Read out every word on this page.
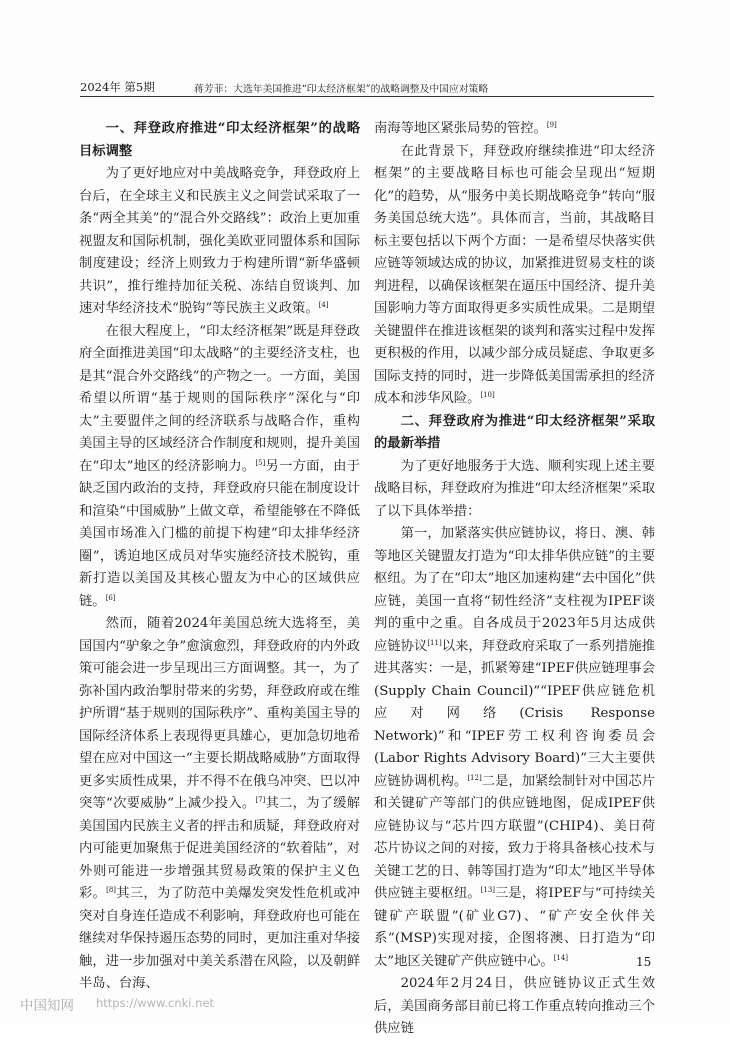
2024年 第5期	蒋芳菲：大选年美国推进“印太经济框架”的战略调整及中国应对策略
一、拜登政府推进“印太经济框架”的战略目标调整

为了更好地应对中美战略竞争，拜登政府上台后，在全球主义和民族主义之间尝试采取了一条“两全其美”的“混合外交路线”：政治上更加重视盟友和国际机制，强化美欧亚同盟体系和国际制度建设；经济上则致力于构建所谓“新华盛顿共识”，推行维持加征关税、冻结自贸谈判、加速对华经济技术“脱钩”等民族主义政策。[4]

在很大程度上，“印太经济框架”既是拜登政府全面推进美国“印太战略”的主要经济支柱，也是其“混合外交路线”的产物之一。一方面，美国希望以所谓“基于规则的国际秩序”深化与“印太”主要盟伴之间的经济联系与战略合作，重构美国主导的区域经济合作制度和规则，提升美国在“印太”地区的经济影响力。[5]另一方面，由于缺乏国内政治的支持，拜登政府只能在制度设计和渲染“中国威胁”上做文章，希望能够在不降低美国市场准入门槛的前提下构建“印太排华经济圈”，诱迫地区成员对华实施经济技术脱钩，重新打造以美国及其核心盟友为中心的区域供应链。[6]

然而，随着2024年美国总统大选将至，美国国内“驴象之争”愈演愈烈，拜登政府的内外政策可能会进一步呈现出三方面调整。其一，为了弥补国内政治掣肘带来的劣势，拜登政府或在维护所谓“基于规则的国际秩序”、重构美国主导的国际经济体系上表现得更具雄心，更加急切地希望在应对中国这一“主要长期战略威胁”方面取得更多实质性成果，并不得不在俄乌冲突、巴以冲突等“次要威胁”上减少投入。[7]其二，为了缓解美国国内民族主义者的抨击和质疑，拜登政府对内可能更加聚焦于促进美国经济的“软着陆”，对外则可能进一步增强其贸易政策的保护主义色彩。[8]其三，为了防范中美爆发突发性危机或冲突对自身连任造成不利影响，拜登政府也可能在继续对华保持遏压态势的同时，更加注重对华接触，进一步加强对中美关系潜在风险，以及朝鲜半岛、台海、

南海等地区紧张局势的管控。[9]

在此背景下，拜登政府继续推进“印太经济框架”的主要战略目标也可能会呈现出“短期化”的趋势，从“服务中美长期战略竞争”转向“服务美国总统大选”。具体而言，当前，其战略目标主要包括以下两个方面：一是希望尽快落实供应链等领域达成的协议，加紧推进贸易支柱的谈判进程，以确保该框架在逼压中国经济、提升美国影响力等方面取得更多实质性成果。二是期望关键盟伴在推进该框架的谈判和落实过程中发挥更积极的作用，以减少部分成员疑虑、争取更多国际支持的同时，进一步降低美国需承担的经济成本和涉华风险。[10]

二、拜登政府为推进“印太经济框架”采取的最新举措

为了更好地服务于大选、顺利实现上述主要战略目标，拜登政府为推进“印太经济框架”采取了以下具体举措：

第一，加紧落实供应链协议，将日、澳、韩等地区关键盟友打造为“印太排华供应链”的主要枢纽。为了在“印太”地区加速构建“去中国化”供应链，美国一直将“韧性经济”支柱视为IPEF谈判的重中之重。自各成员于2023年5月达成供应链协议[11]以来，拜登政府采取了一系列措施推进其落实：一是，抓紧筹建“IPEF供应链理事会(Supply Chain Council)”“IPEF供应链危机应对网络(Crisis Response Network)”和“IPEF劳工权利咨询委员会(Labor Rights Advisory Board)”三大主要供应链协调机构。[12]二是，加紧绘制针对中国芯片和关键矿产等部门的供应链地图，促成IPEF供应链协议与“芯片四方联盟”(CHIP4)、美日荷芯片协议之间的对接，致力于将具备核心技术与关键工艺的日、韩等国打造为“印太”地区半导体供应链主要枢纽。[13]三是，将IPEF与“可持续关键矿产联盟”(矿业G7)、“矿产安全伙伴关系”(MSP)实现对接，企图将澳、日打造为“印太”地区关键矿产供应链中心。[14]

2024年2月24日，供应链协议正式生效后，美国商务部目前已将工作重点转向推动三个供应链

15
中国知网 https://www.cnki.net
